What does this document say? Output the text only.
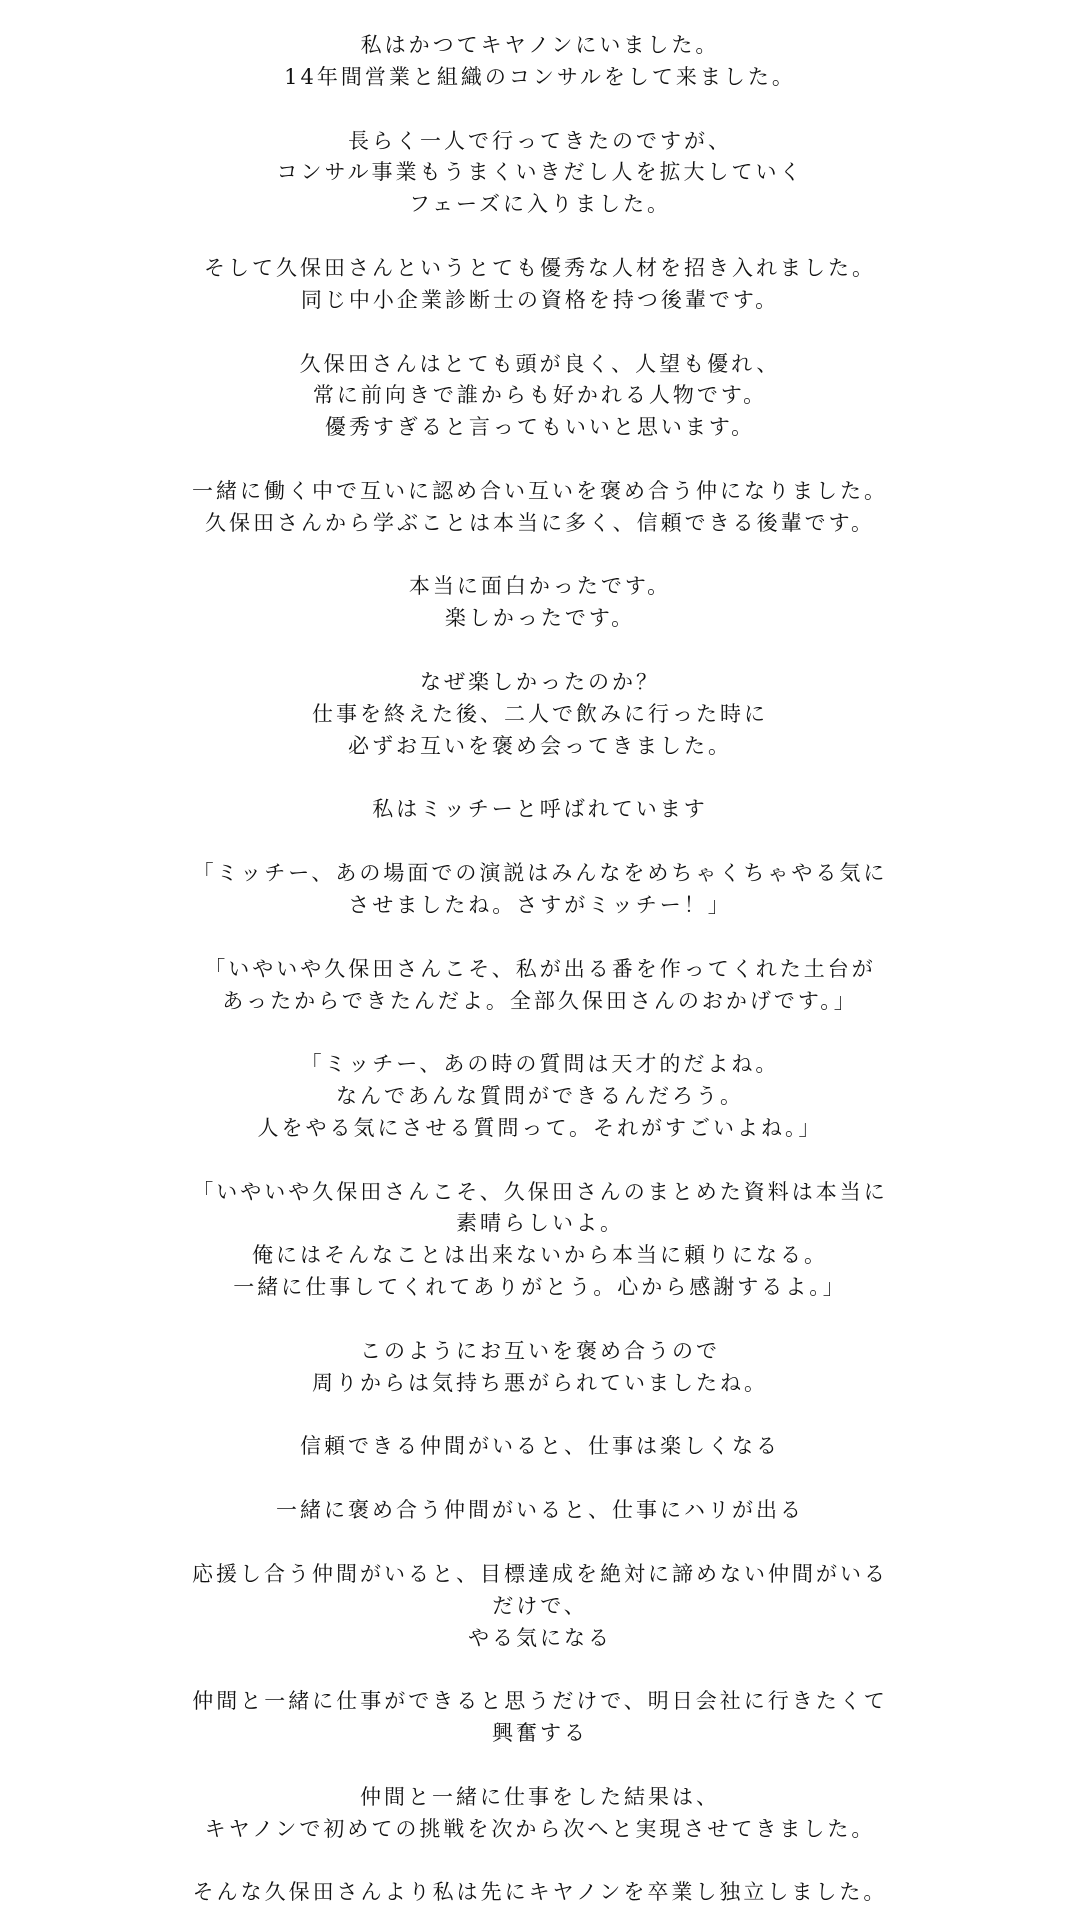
私はかつてキヤノンにいました。
14年間営業と組織のコンサルをして来ました。
長らく一人で行ってきたのですが、
コンサル事業もうまくいきだし人を拡大していく
フェーズに入りました。
そして久保田さんというとても優秀な人材を招き入れました。
同じ中小企業診断士の資格を持つ後輩です。
久保田さんはとても頭が良く、人望も優れ、
常に前向きで誰からも好かれる人物です。
優秀すぎると言ってもいいと思います。
一緒に働く中で互いに認め合い互いを褒め合う仲になりました。
久保田さんから学ぶことは本当に多く、信頼できる後輩です。
本当に面白かったです。
楽しかったです。
なぜ楽しかったのか？
仕事を終えた後、二人で飲みに行った時に
必ずお互いを褒め会ってきました。
私はミッチーと呼ばれています
「ミッチー、あの場面での演説はみんなをめちゃくちゃやる気に
させましたね。さすがミッチー！」
「いやいや久保田さんこそ、私が出る番を作ってくれた土台が
あったからできたんだよ。全部久保田さんのおかげです。」
「ミッチー、あの時の質問は天才的だよね。
なんであんな質問ができるんだろう。
人をやる気にさせる質問って。それがすごいよね。」
「いやいや久保田さんこそ、久保田さんのまとめた資料は本当に
素晴らしいよ。
俺にはそんなことは出来ないから本当に頼りになる。
一緒に仕事してくれてありがとう。心から感謝するよ。」
このようにお互いを褒め合うので
周りからは気持ち悪がられていましたね。
信頼できる仲間がいると、仕事は楽しくなる
一緒に褒め合う仲間がいると、仕事にハリが出る
応援し合う仲間がいると、目標達成を絶対に諦めない仲間がいる
だけで、
やる気になる
仲間と一緒に仕事ができると思うだけで、明日会社に行きたくて
興奮する
仲間と一緒に仕事をした結果は、
キヤノンで初めての挑戦を次から次へと実現させてきました。
そんな久保田さんより私は先にキヤノンを卒業し独立しました。
